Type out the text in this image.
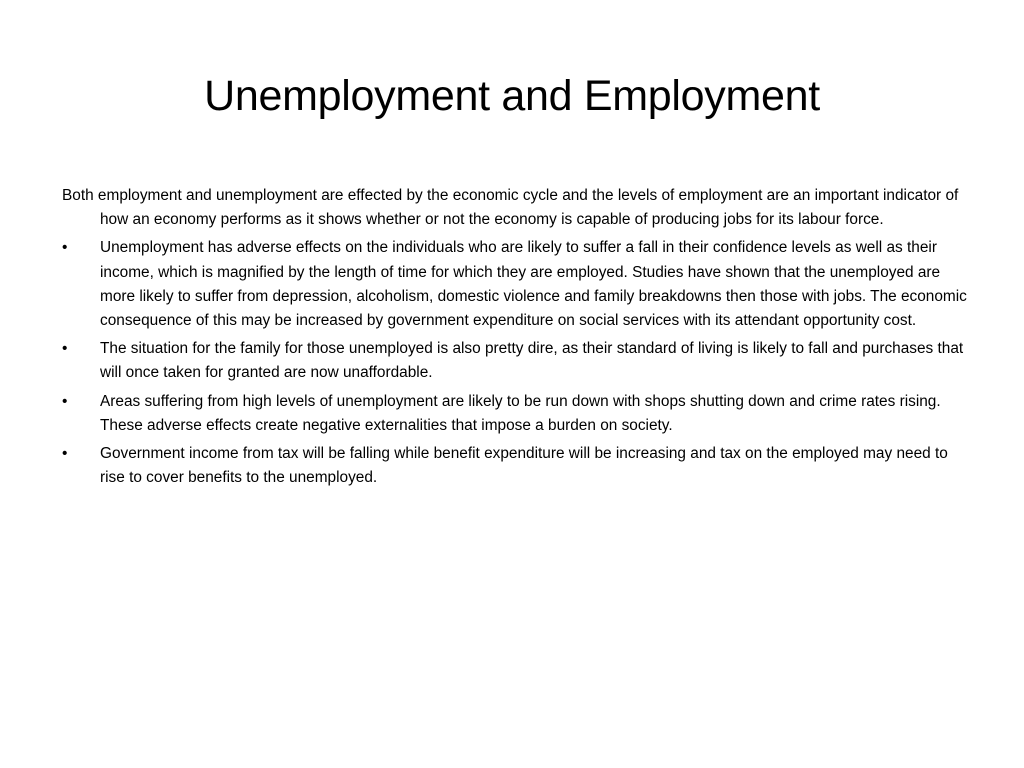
Unemployment and Employment

Both employment and unemployment are effected by the economic cycle and the levels of employment are an important indicator of how an economy performs as it shows whether or not the economy is capable of producing jobs for its labour force.

• Unemployment has adverse effects on the individuals who are likely to suffer a fall in their confidence levels as well as their income, which is magnified by the length of time for which they are employed. Studies have shown that the unemployed are more likely to suffer from depression, alcoholism, domestic violence and family breakdowns then those with jobs. The economic consequence of this may be increased by government expenditure on social services with its attendant opportunity cost.
• The situation for the family for those unemployed is also pretty dire, as their standard of living is likely to fall and purchases that will once taken for granted are now unaffordable.
• Areas suffering from high levels of unemployment are likely to be run down with shops shutting down and crime rates rising. These adverse effects create negative externalities that impose a burden on society.
• Government income from tax will be falling while benefit expenditure will be increasing and tax on the employed may need to rise to cover benefits to the unemployed.
